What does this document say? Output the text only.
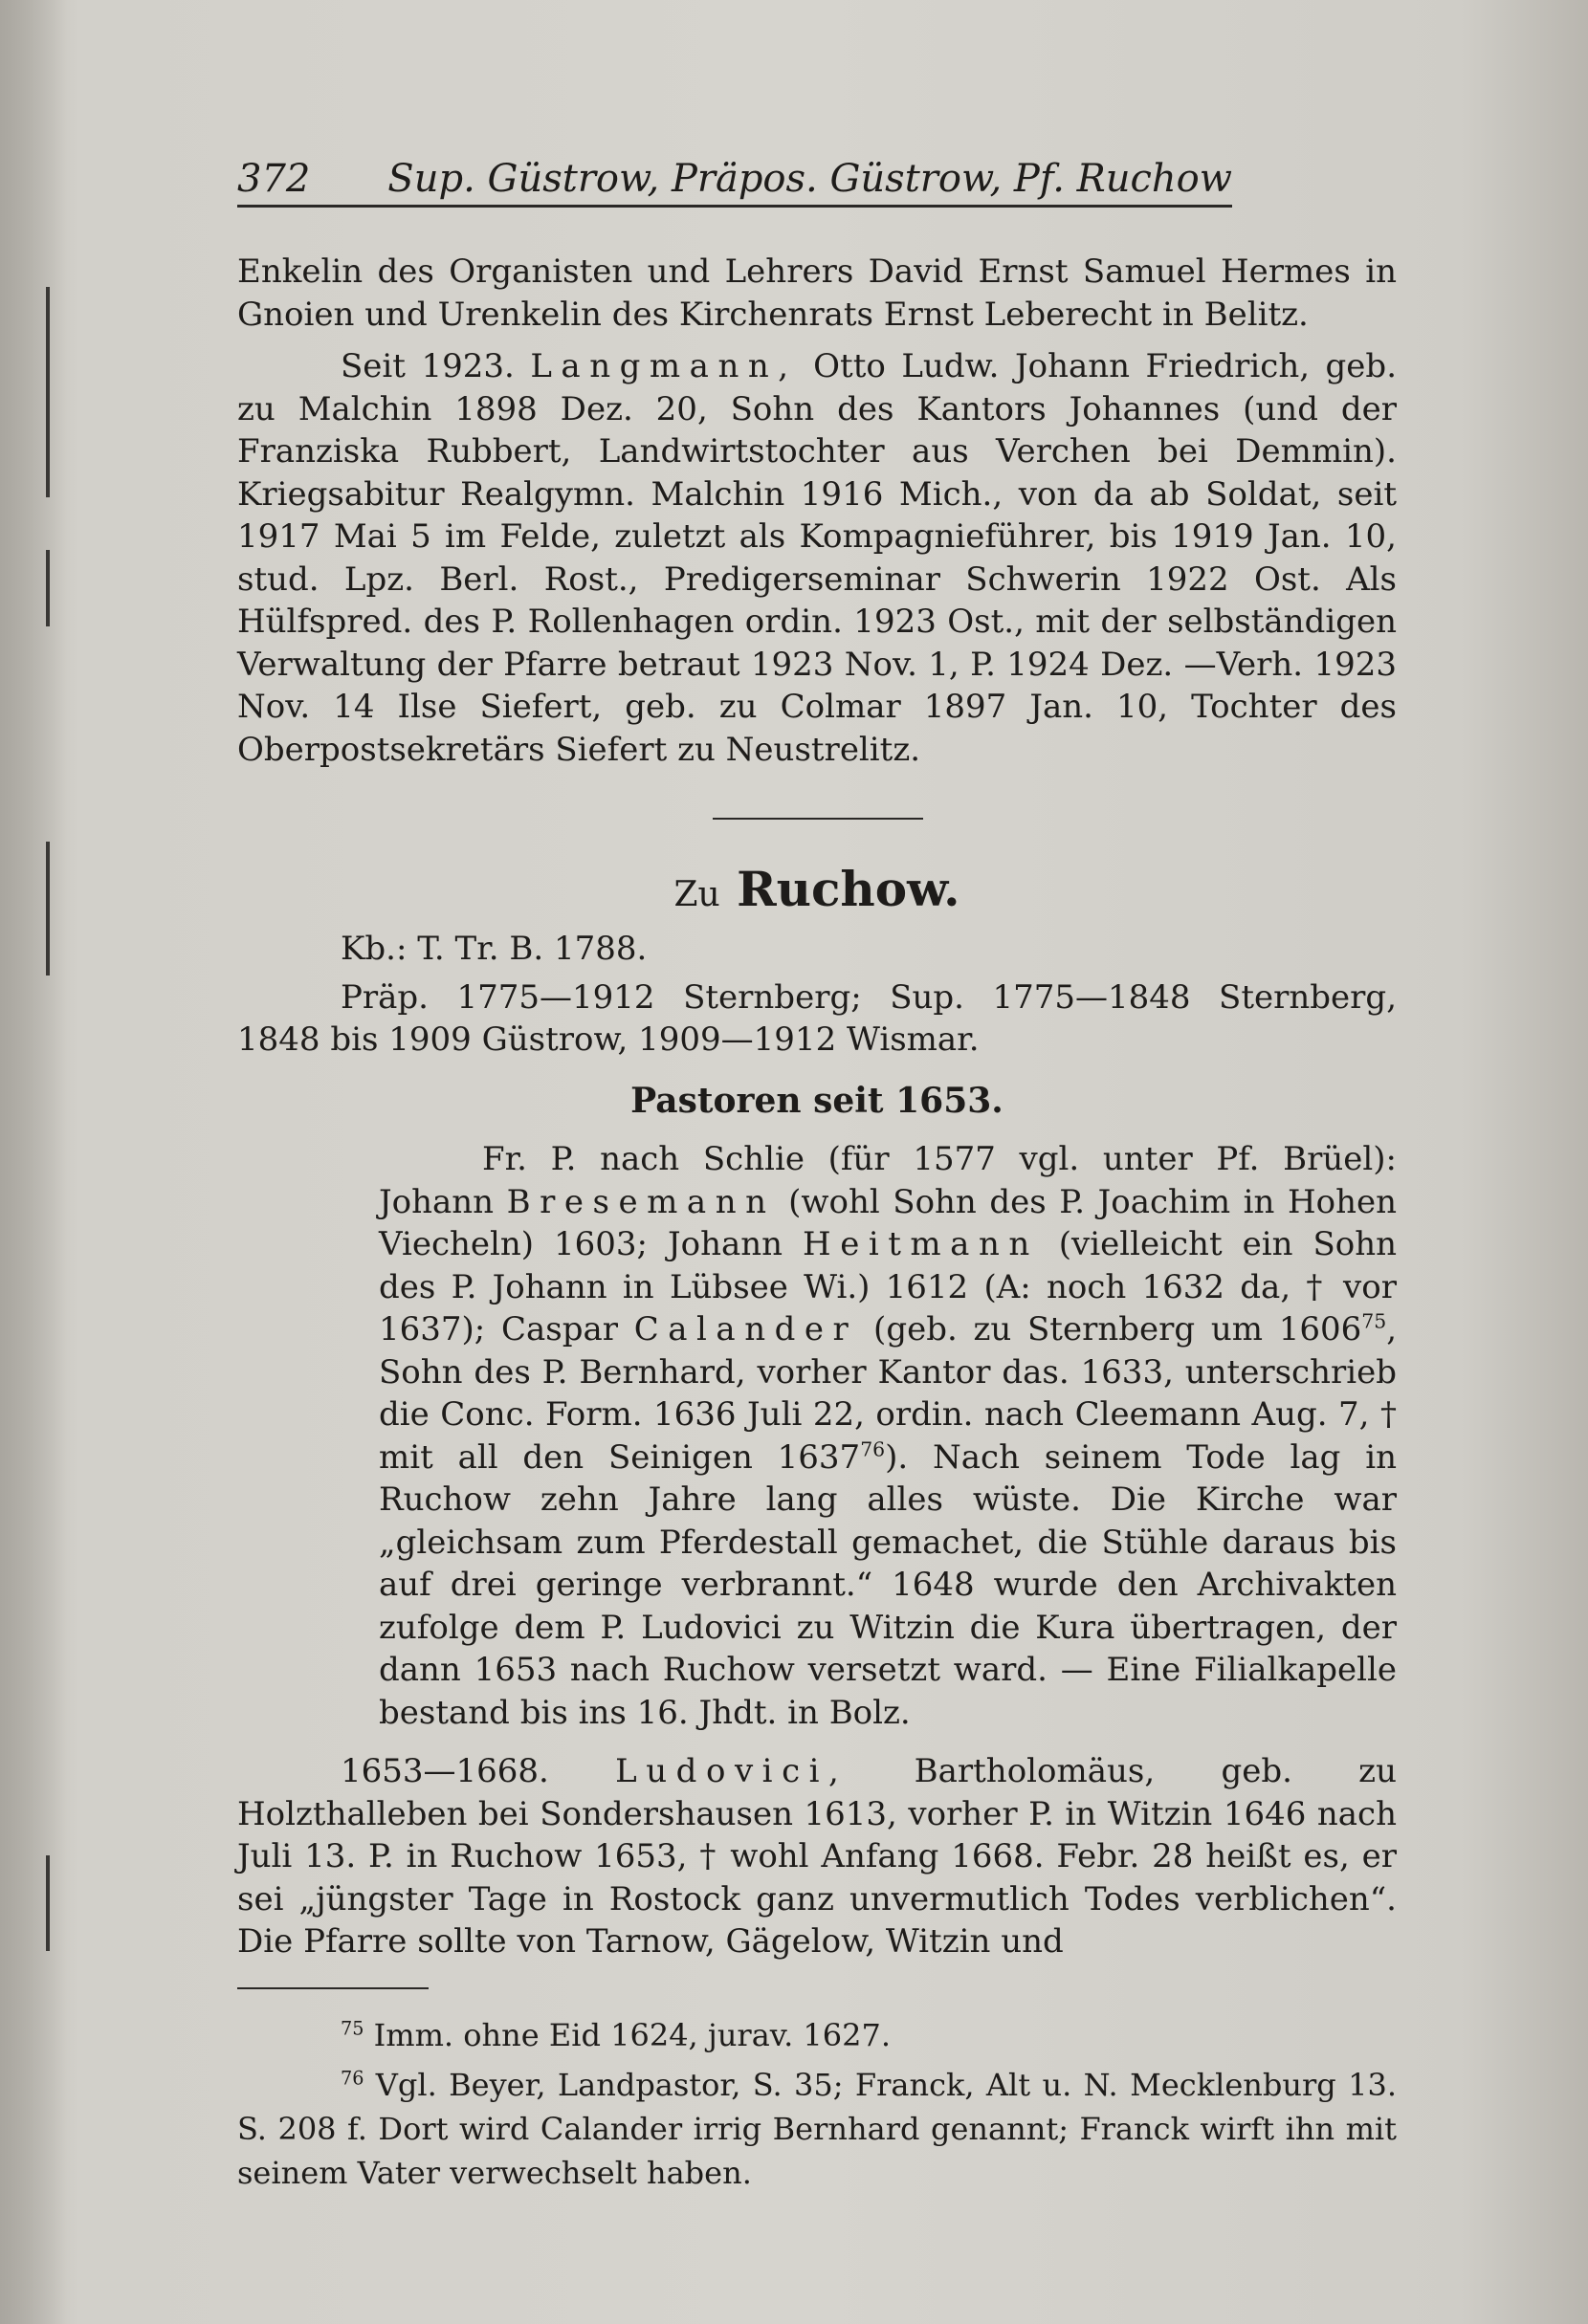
372 Sup. Güstrow, Präpos. Güstrow, Pf. Ruchow

Enkelin des Organisten und Lehrers David Ernst Samuel Hermes in Gnoien und Urenkelin des Kirchenrats Ernst Leberecht in Belitz.

Seit 1923. Langmann, Otto Ludw. Johann Friedrich, geb. zu Malchin 1898 Dez. 20, Sohn des Kantors Johannes (und der Franziska Rubbert, Landwirtstochter aus Verchen bei Demmin). Kriegsabitur Realgymn. Malchin 1916 Mich., von da ab Soldat, seit 1917 Mai 5 im Felde, zuletzt als Kompagnieführer, bis 1919 Jan. 10, stud. Lpz. Berl. Rost., Predigerseminar Schwerin 1922 Ost. Als Hülfspred. des P. Rollenhagen ordin. 1923 Ost., mit der selbständigen Verwaltung der Pfarre betraut 1923 Nov. 1, P. 1924 Dez. —Verh. 1923 Nov. 14 Ilse Siefert, geb. zu Colmar 1897 Jan. 10, Tochter des Oberpostsekretärs Siefert zu Neustrelitz.

Zu Ruchow.

Kb.: T. Tr. B. 1788.

Präp. 1775—1912 Sternberg; Sup. 1775—1848 Sternberg, 1848 bis 1909 Güstrow, 1909—1912 Wismar.

Pastoren seit 1653.

Fr. P. nach Schlie (für 1577 vgl. unter Pf. Brüel): Johann Bresemann (wohl Sohn des P. Joachim in Hohen Viecheln) 1603; Johann Heitmann (vielleicht ein Sohn des P. Johann in Lübsee Wi.) 1612 (A: noch 1632 da, † vor 1637); Caspar Calander (geb. zu Sternberg um 1606$^{75}$, Sohn des P. Bernhard, vorher Kantor das. 1633, unterschrieb die Conc. Form. 1636 Juli 22, ordin. nach Cleemann Aug. 7, † mit all den Seinigen 1637$^{76}$). Nach seinem Tode lag in Ruchow zehn Jahre lang alles wüste. Die Kirche war „gleichsam zum Pferdestall gemachet, die Stühle daraus bis auf drei geringe verbrannt.“ 1648 wurde den Archivakten zufolge dem P. Ludovici zu Witzin die Kura übertragen, der dann 1653 nach Ruchow versetzt ward. — Eine Filialkapelle bestand bis ins 16. Jhdt. in Bolz.

1653—1668. Ludovici, Bartholomäus, geb. zu Holzthalleben bei Sondershausen 1613, vorher P. in Witzin 1646 nach Juli 13. P. in Ruchow 1653, † wohl Anfang 1668. Febr. 28 heißt es, er sei „jüngster Tage in Rostock ganz unvermutlich Todes verblichen“. Die Pfarre sollte von Tarnow, Gägelow, Witzin und

$^{75}$ Imm. ohne Eid 1624, jurav. 1627.

$^{76}$ Vgl. Beyer, Landpastor, S. 35; Franck, Alt u. N. Mecklenburg 13. S. 208 f. Dort wird Calander irrig Bernhard genannt; Franck wirft ihn mit seinem Vater verwechselt haben.
